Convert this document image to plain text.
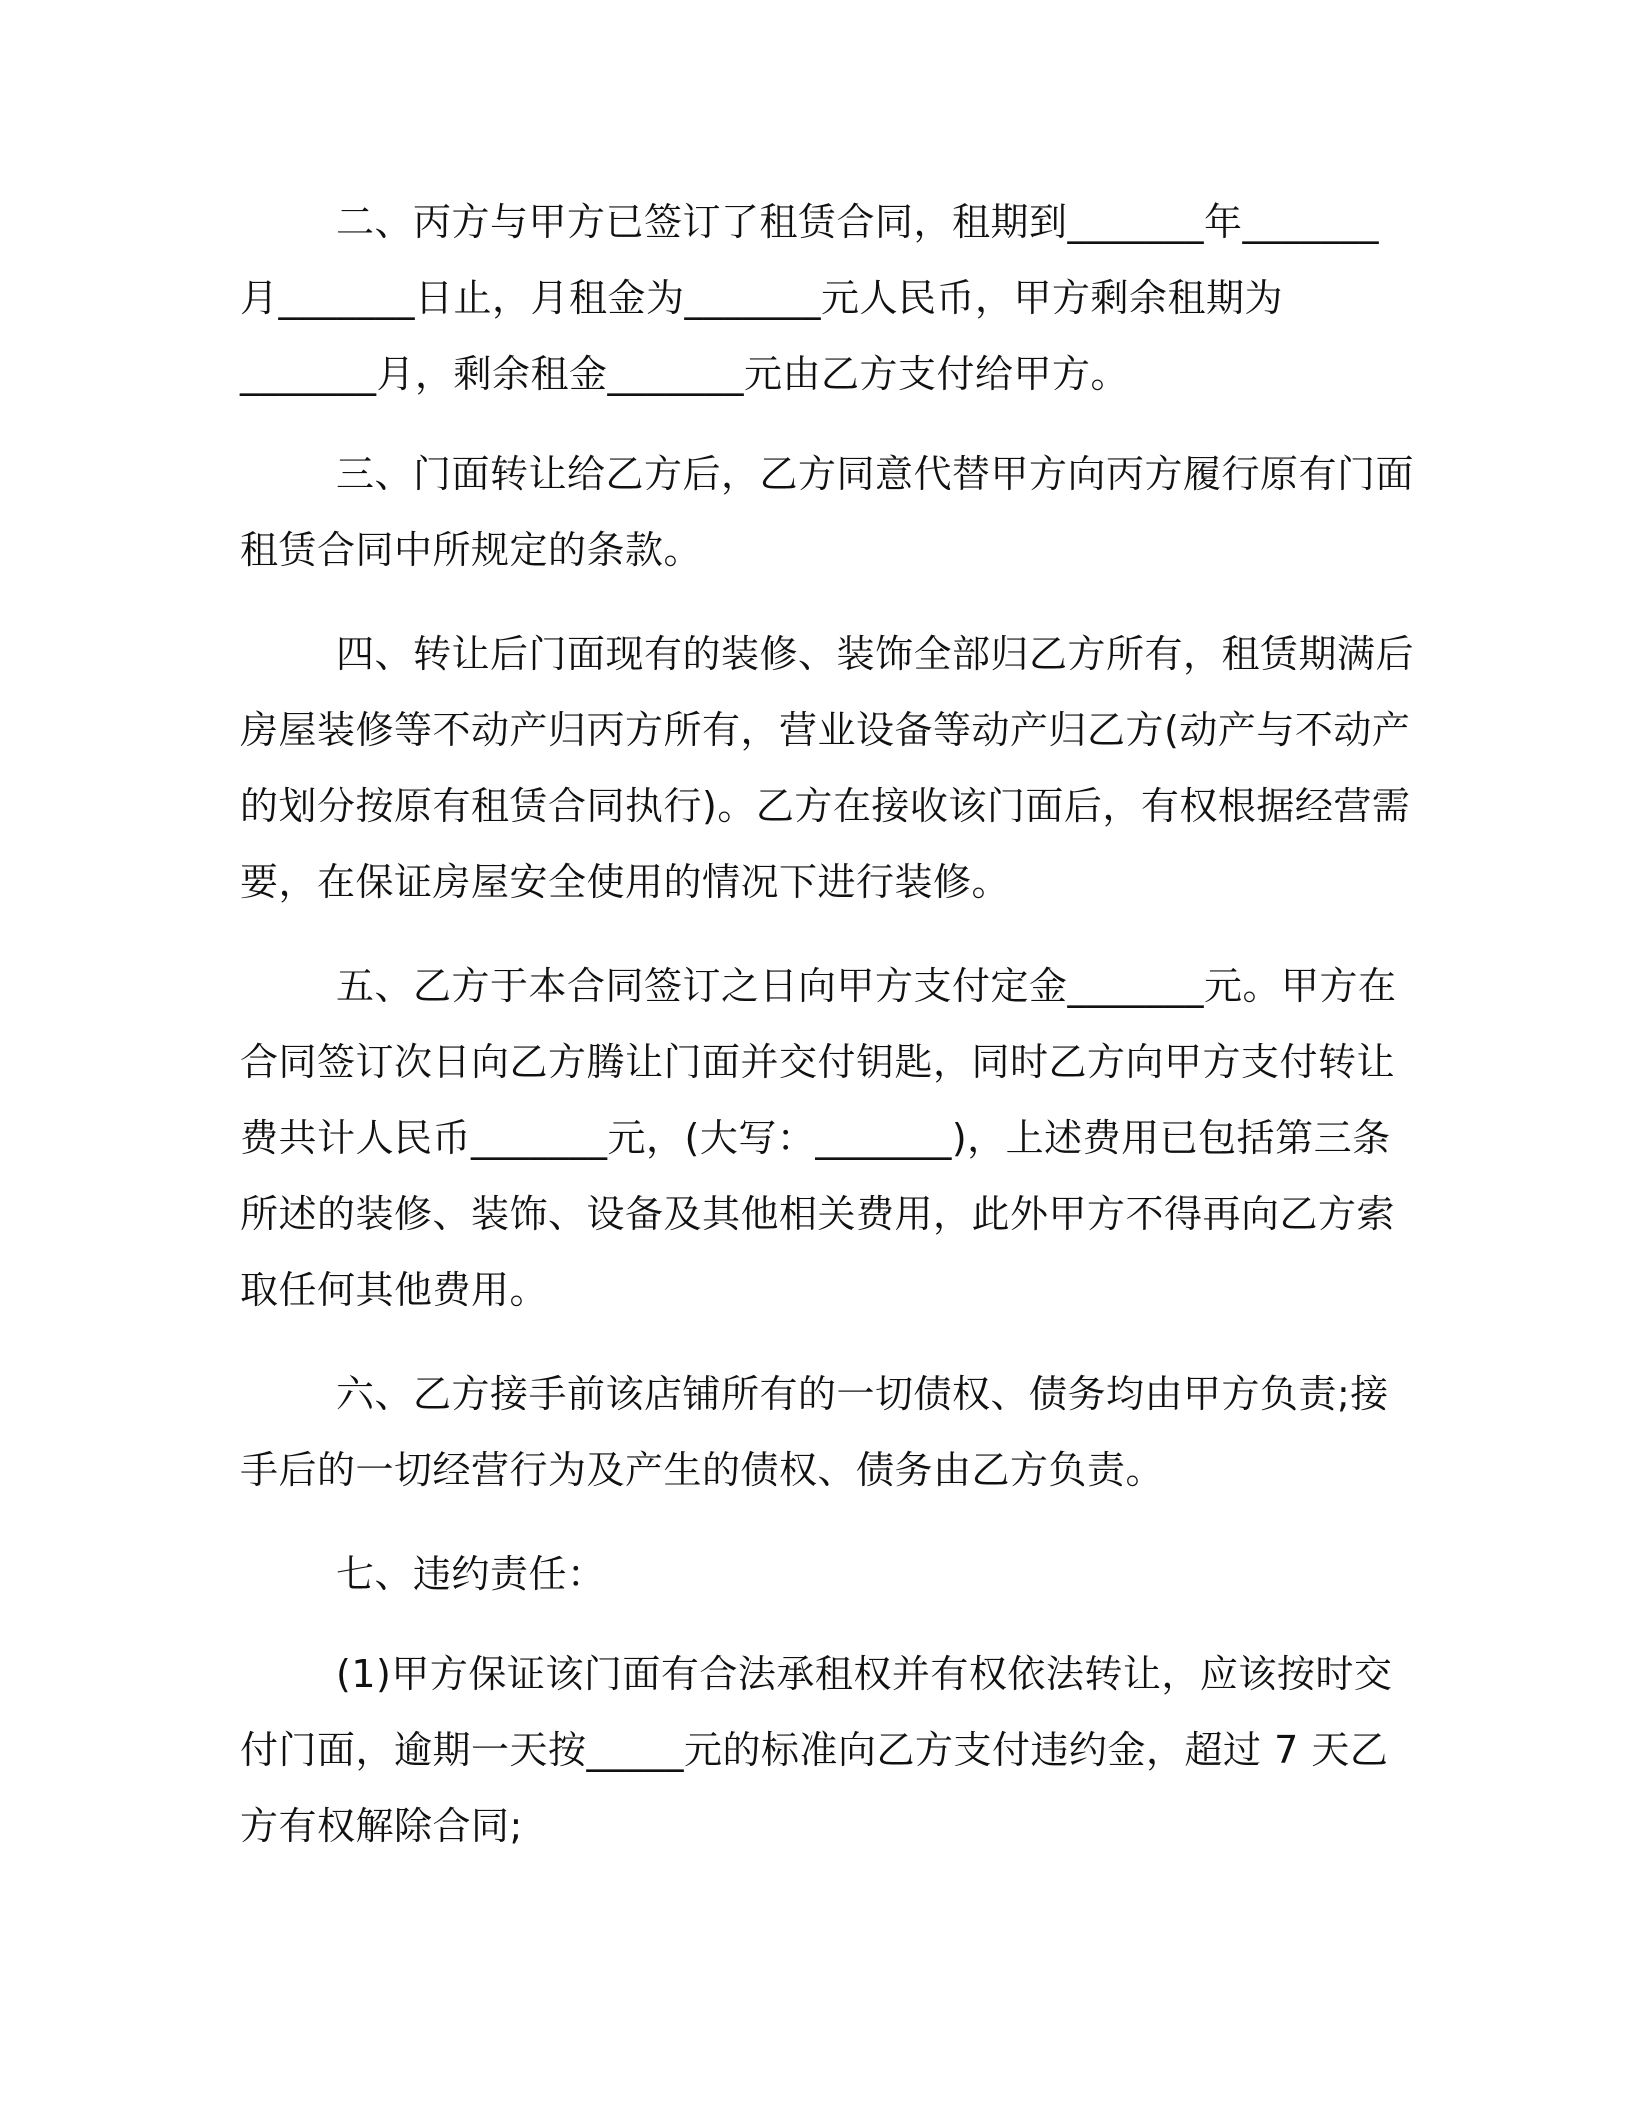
二、丙方与甲方已签订了租赁合同，租期到_______年_______
月_______日止，月租金为_______元人民币，甲方剩余租期为
_______月，剩余租金_______元由乙方支付给甲方。
三、门面转让给乙方后，乙方同意代替甲方向丙方履行原有门面
租赁合同中所规定的条款。
四、转让后门面现有的装修、装饰全部归乙方所有，租赁期满后
房屋装修等不动产归丙方所有，营业设备等动产归乙方(动产与不动产
的划分按原有租赁合同执行)。乙方在接收该门面后，有权根据经营需
要，在保证房屋安全使用的情况下进行装修。
五、乙方于本合同签订之日向甲方支付定金_______元。甲方在
合同签订次日向乙方腾让门面并交付钥匙，同时乙方向甲方支付转让
费共计人民币_______元，(大写：_______)，上述费用已包括第三条
所述的装修、装饰、设备及其他相关费用，此外甲方不得再向乙方索
取任何其他费用。
六、乙方接手前该店铺所有的一切债权、债务均由甲方负责;接
手后的一切经营行为及产生的债权、债务由乙方负责。
七、违约责任：
(1)甲方保证该门面有合法承租权并有权依法转让，应该按时交
付门面，逾期一天按_____元的标准向乙方支付违约金，超过 7 天乙
方有权解除合同;
